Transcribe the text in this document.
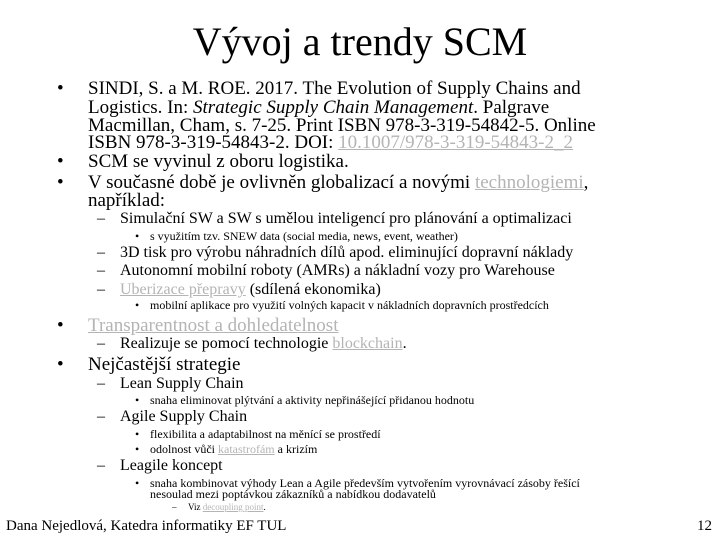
Vývoj a trendy SCM
• SINDI, S. a M. ROE. 2017. The Evolution of Supply Chains and
Logistics. In: Strategic Supply Chain Management. Palgrave
Macmillan, Cham, s. 7-25. Print ISBN 978-3-319-54842-5. Online
ISBN 978-3-319-54843-2. DOI: 10.1007/978-3-319-54843-2_2
• SCM se vyvinul z oboru logistika.
• V současné době je ovlivněn globalizací a novými technologiemi,
například:
– Simulační SW a SW s umělou inteligencí pro plánování a optimalizaci
• s využitím tzv. SNEW data (social media, news, event, weather)
– 3D tisk pro výrobu náhradních dílů apod. eliminující dopravní náklady
– Autonomní mobilní roboty (AMRs) a nákladní vozy pro Warehouse
– Uberizace přepravy (sdílená ekonomika)
• mobilní aplikace pro využití volných kapacit v nákladních dopravních prostředcích
• Transparentnost a dohledatelnost
– Realizuje se pomocí technologie blockchain.
• Nejčastější strategie
– Lean Supply Chain
• snaha eliminovat plýtvání a aktivity nepřinášející přidanou hodnotu
– Agile Supply Chain
• flexibilita a adaptabilnost na měnící se prostředí
• odolnost vůči katastrofám a krizím
– Leagile koncept
• snaha kombinovat výhody Lean a Agile především vytvořením vyrovnávací zásoby řešící
nesoulad mezi poptávkou zákazníků a nabídkou dodavatelů
– Viz decoupling point.
Dana Nejedlová, Katedra informatiky EF TUL	12
